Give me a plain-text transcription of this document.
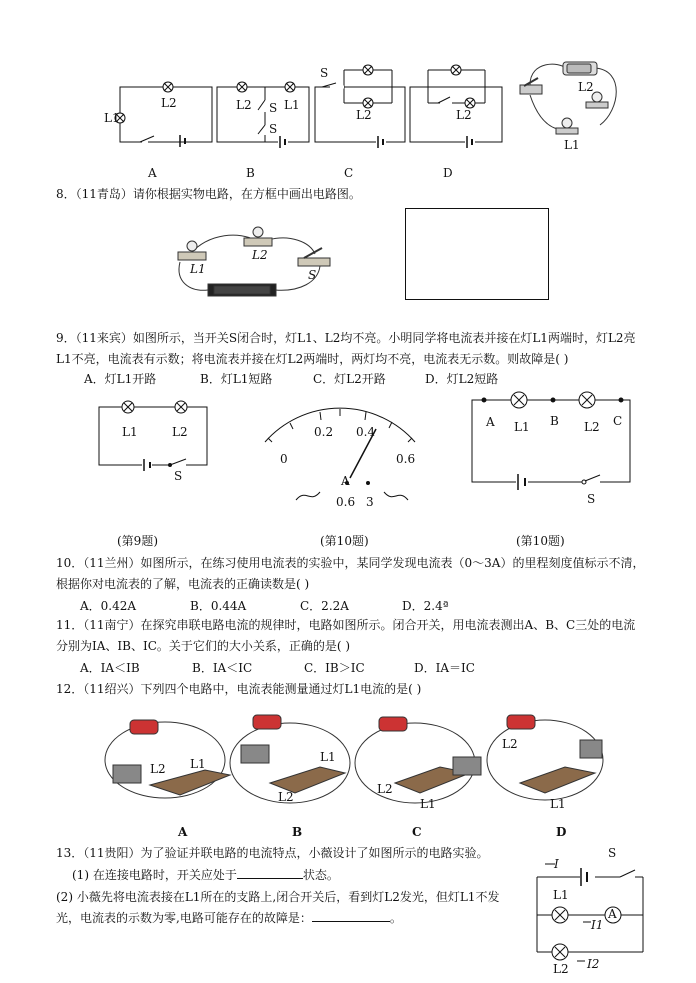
L1
L2	L2 S L1
S
S
L2	L2
L2
L1
A	B	C	D
8．（11青岛）请你根据实物电路，在方框中画出电路图。
L1
L2
S
9．（11来宾）如图所示，当开关S闭合时，灯L1、L2均不亮。小明同学将电流表并接在灯L1两端时，灯L2亮
L1不亮，电流表有示数；将电流表并接在灯L2两端时，两灯均不亮，电流表无示数。则故障是( )
A．灯L1开路	B．灯L1短路	C．灯L2开路	D．灯L2短路
L1	L2
S
0
0.2 0.4
0.6
A
0.6 3
A L1 B L2 C
S
(第9题)	(第10题)	(第10题)
10．（11兰州）如图所示，在练习使用电流表的实验中，某同学发现电流表（0～3A）的里程刻度值标示不清，
根据你对电流表的了解，电流表的正确读数是( )
A．0.42A	B．0.44A	C．2.2A	D．2.4ª
11．（11南宁）在探究串联电路电流的规律时，电路如图所示。闭合开关，用电流表测出A、B、C三处的电流
分别为IA、IB、IC。关于它们的大小关系，正确的是( )
A．IA＜IB	B．IA＜IC	C．IB＞IC	D．IA＝IC
12．（11绍兴）下列四个电路中，电流表能测量通过灯L1电流的是( )
L2 L1	L1
L2
L2
L1
L2
L1
A	B	C	D
13．（11贵阳）为了验证并联电路的电流特点，小薇设计了如图所示的电路实验。
(1) 在连接电路时，开关应处于	状态。
(2) 小薇先将电流表接在L1所在的支路上,闭合开关后，看到灯L2发光，但灯L1不发
光，电流表的示数为零,电路可能存在的故障是：	。
I
S
L1
A
I1
L2 I2
